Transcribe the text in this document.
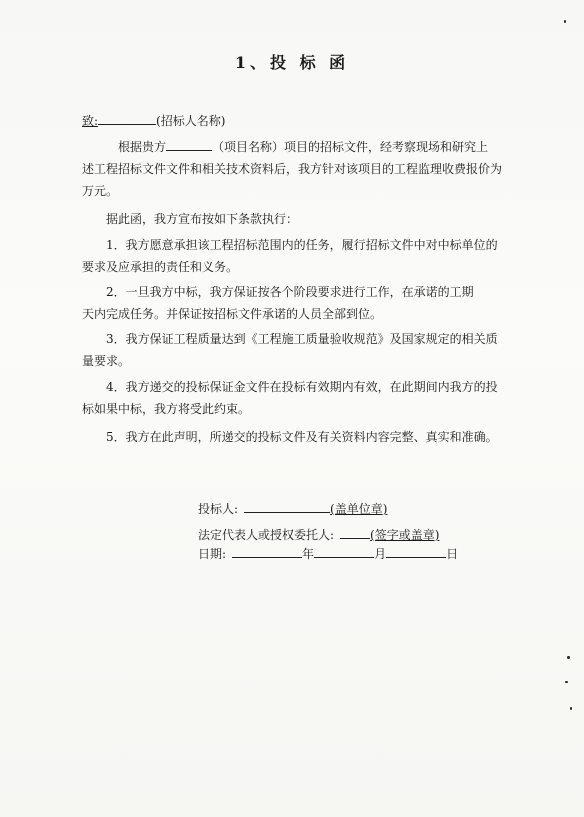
1、投 标 函
致:	(招标人名称)
根据贵方	（项目名称）项目的招标文件，经考察现场和研究上
述工程招标文件文件和相关技术资料后，我方针对该项目的工程监理收费报价为
万元。
据此函，我方宣布按如下条款执行：
1．我方愿意承担该工程招标范围内的任务，履行招标文件中对中标单位的
要求及应承担的责任和义务。
2．一旦我方中标，我方保证按各个阶段要求进行工作，在承诺的工期
天内完成任务。并保证按招标文件承诺的人员全部到位。
3．我方保证工程质量达到《工程施工质量验收规范》及国家规定的相关质
量要求。
4．我方递交的投标保证金文件在投标有效期内有效，在此期间内我方的投
标如果中标，我方将受此约束。
5．我方在此声明，所递交的投标文件及有关资料内容完整、真实和准确。
投标人:	(盖单位章)
法定代表人或授权委托人:	(签字或盖章)
日期:	年	月	日
